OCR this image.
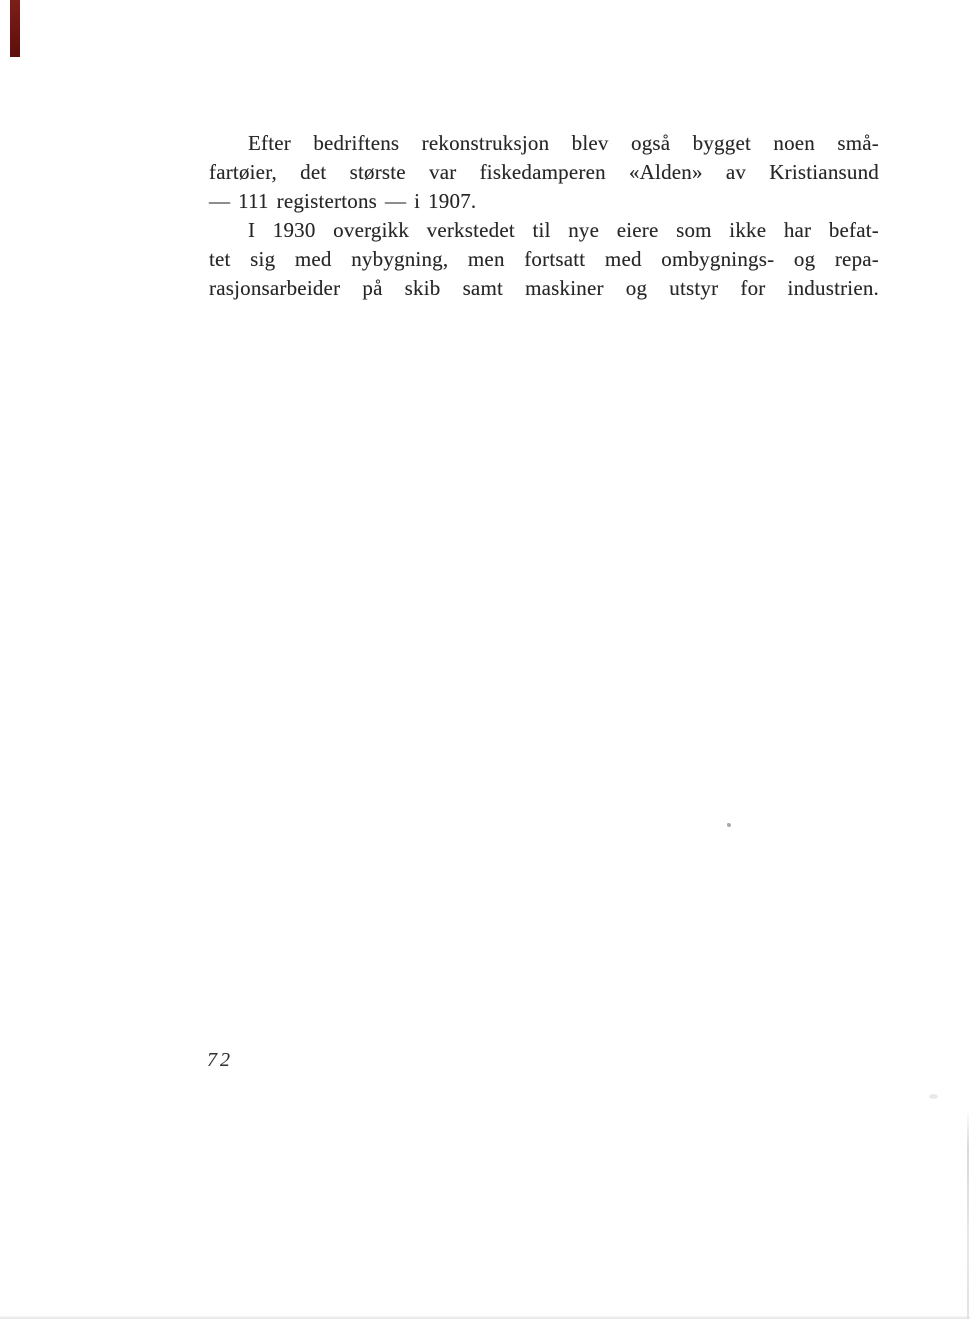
Efter bedriftens rekonstruksjon blev også bygget noen små-
fartøier, det største var fiskedamperen «Alden» av Kristiansund
— 111 registertons — i 1907.
I 1930 overgikk verkstedet til nye eiere som ikke har befat-
tet sig med nybygning, men fortsatt med ombygnings- og repa-
rasjonsarbeider på skib samt maskiner og utstyr for industrien.
72
